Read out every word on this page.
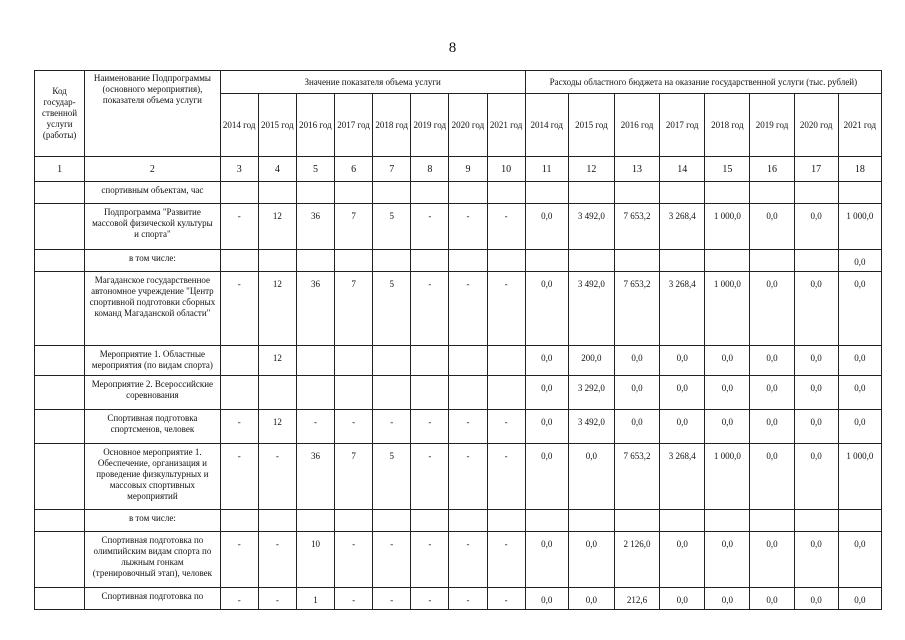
8
Код государ-ственной услуги (работы)	Наименование Подпрограммы (основного мероприятия), показателя объема услуги	Значение показателя объема услуги								Расходы областного бюджета на оказание государственной услуги (тыс. рублей)							
		2014 год	2015 год	2016 год	2017 год	2018 год	2019 год	2020 год	2021 год	2014 год	2015 год	2016 год	2017 год	2018 год	2019 год	2020 год	2021 год
1	2	3	4	5	6	7	8	9	10	11	12	13	14	15	16	17	18
	спортивным объектам, час																
	Подпрограмма "Развитие массовой физической культуры и спорта"	-	12	36	7	5	-	-	-	0,0	3 492,0	7 653,2	3 268,4	1 000,0	0,0	0,0	1 000,0
	в том числе:																0,0
	Магаданское государственное автономное учреждение "Центр спортивной подготовки сборных команд Магаданской области"	-	12	36	7	5	-	-	-	0,0	3 492,0	7 653,2	3 268,4	1 000,0	0,0	0,0	0,0
	Мероприятие 1. Областные мероприятия (по видам спорта)		12							0,0	200,0	0,0	0,0	0,0	0,0	0,0	0,0
	Мероприятие 2. Всероссийские соревнования									0,0	3 292,0	0,0	0,0	0,0	0,0	0,0	0,0
	Спортивная подготовка спортсменов, человек	-	12	-	-	-	-	-	-	0,0	3 492,0	0,0	0,0	0,0	0,0	0,0	0,0
	Основное мероприятие 1. Обеспечение, организация и проведение физкультурных и массовых спортивных мероприятий	-	-	36	7	5	-	-	-	0,0	0,0	7 653,2	3 268,4	1 000,0	0,0	0,0	1 000,0
	в том числе:																
	Спортивная подготовка по олимпийским видам спорта по лыжным гонкам (тренировочный этап), человек	-	-	10	-	-	-	-	-	0,0	0,0	2 126,0	0,0	0,0	0,0	0,0	0,0
	Спортивная подготовка по	-	-	1	-	-	-	-	-	0,0	0,0	212,6	0,0	0,0	0,0	0,0	0,0
